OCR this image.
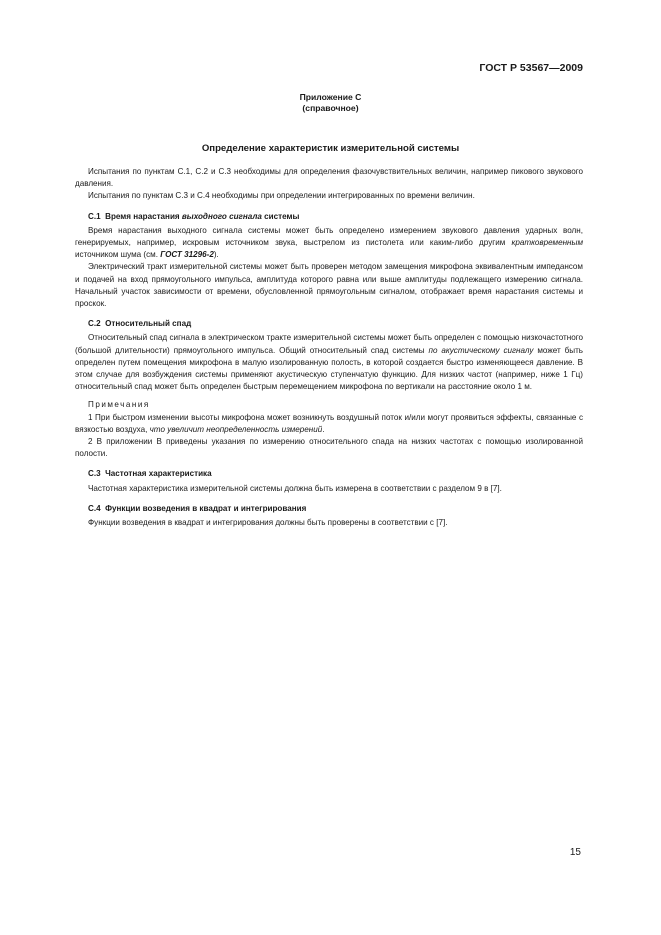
ГОСТ Р 53567—2009
Приложение С
(справочное)
Определение характеристик измерительной системы

Испытания по пунктам С.1, С.2 и С.3 необходимы для определения фазочувствительных величин, например пикового звукового давления.

Испытания по пунктам С.3 и С.4 необходимы при определении интегрированных по времени величин.

С.1 Время нарастания выходного сигнала системы

Время нарастания выходного сигнала системы может быть определено измерением звукового давления ударных волн, генерируемых, например, искровым источником звука, выстрелом из пистолета или каким-либо другим кратковременным источником шума (см. ГОСТ 31296-2).

Электрический тракт измерительной системы может быть проверен методом замещения микрофона эквивалентным импедансом и подачей на вход прямоугольного импульса, амплитуда которого равна или выше амплитуды подлежащего измерению сигнала. Начальный участок зависимости от времени, обусловленной прямоугольным сигналом, отображает время нарастания системы и проскок.

С.2 Относительный спад

Относительный спад сигнала в электрическом тракте измерительной системы может быть определен с помощью низкочастотного (большой длительности) прямоугольного импульса. Общий относительный спад системы по акустическому сигналу может быть определен путем помещения микрофона в малую изолированную полость, в которой создается быстро изменяющееся давление. В этом случае для возбуждения системы применяют акустическую ступенчатую функцию. Для низких частот (например, ниже 1 Гц) относительный спад может быть определен быстрым перемещением микрофона по вертикали на расстояние около 1 м.

Примечания

1 При быстром изменении высоты микрофона может возникнуть воздушный поток и/или могут проявиться эффекты, связанные с вязкостью воздуха, что увеличит неопределенность измерений.

2 В приложении В приведены указания по измерению относительного спада на низких частотах с помощью изолированной полости.

С.3 Частотная характеристика

Частотная характеристика измерительной системы должна быть измерена в соответствии с разделом 9 в [7].

С.4 Функции возведения в квадрат и интегрирования

Функции возведения в квадрат и интегрирования должны быть проверены в соответствии с [7].

15
